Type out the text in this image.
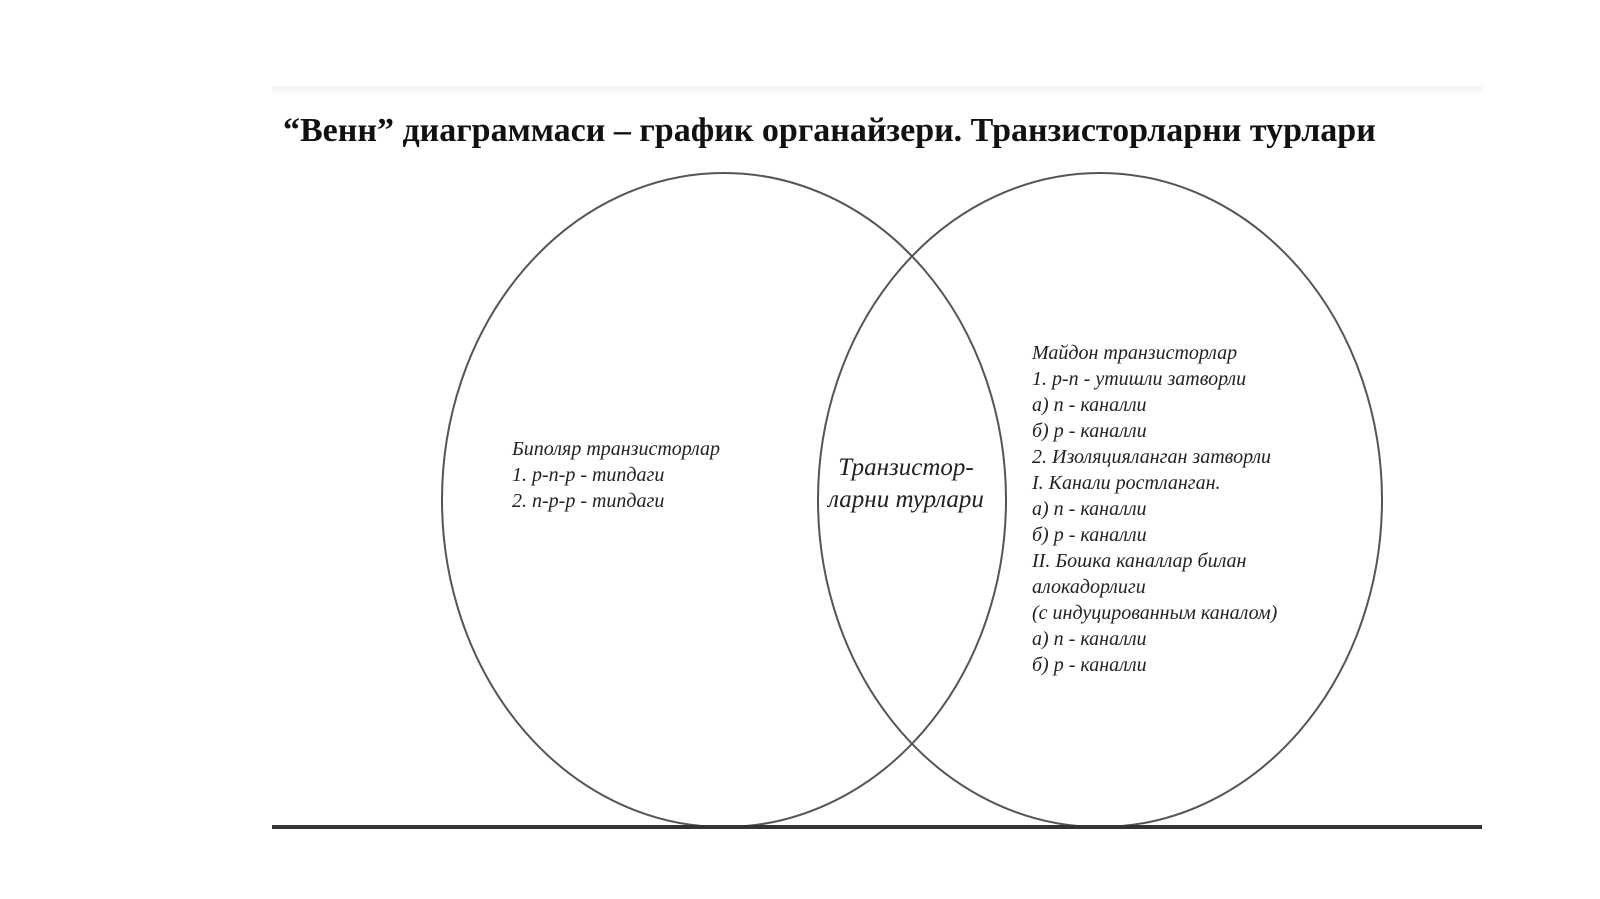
“Венн” диаграммаси – график органайзери. Транзисторларни турлари
Биполяр транзисторлар
1. p-n-p - типдаги
2. n-p-p - типдаги
Транзистор-
ларни турлари
Майдон транзисторлар
1. p-n - утишли затворли
а) n - каналли
б) p - каналли
2. Изоляцияланган затворли
I. Канали ростланган.
а) n - каналли
б) p - каналли
II. Бошка каналлар билан
алокадорлиги
(с индуцированным каналом)
а) n - каналли
б) p - каналли
